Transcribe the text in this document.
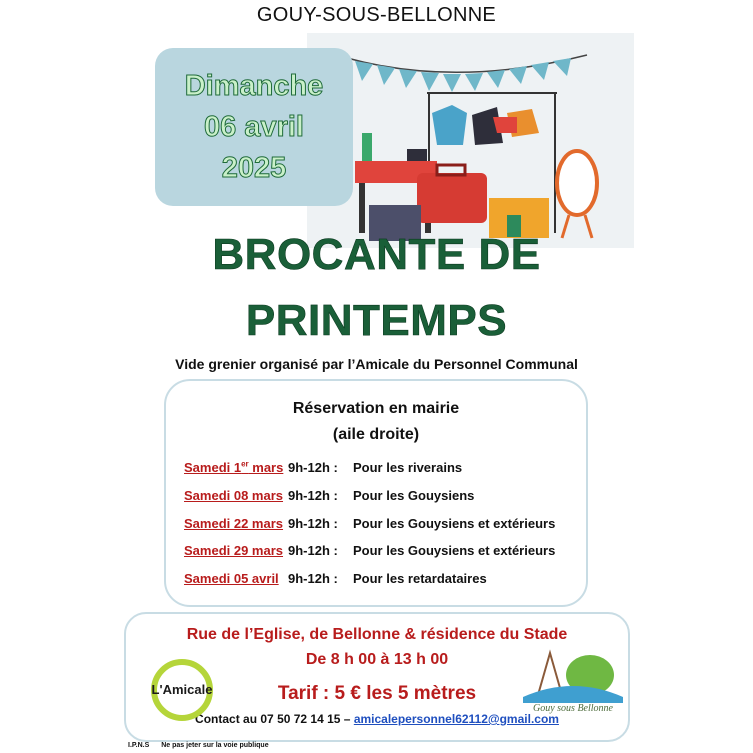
GOUY-SOUS-BELLONNE
Dimanche
06 avril
2025
BROCANTE DE
PRINTEMPS
Vide grenier organisé par l’Amicale du Personnel Communal
Réservation en mairie
(aile droite)
Samedi 1er mars 9h-12h : Pour les riverains
Samedi 08 mars 9h-12h : Pour les Gouysiens
Samedi 22 mars 9h-12h : Pour les Gouysiens et extérieurs
Samedi 29 mars 9h-12h : Pour les Gouysiens et extérieurs
Samedi 05 avril 9h-12h : Pour les retardataires
Rue de l’Eglise, de Bellonne & résidence du Stade
De 8 h 00 à 13 h 00
Tarif : 5 € les 5 mètres
Contact au 07 50 72 14 15 – amicalepersonnel62112@gmail.com
L'Amicale
Gouy sous Bellonne
I.P.N.S Ne pas jeter sur la voie publique
